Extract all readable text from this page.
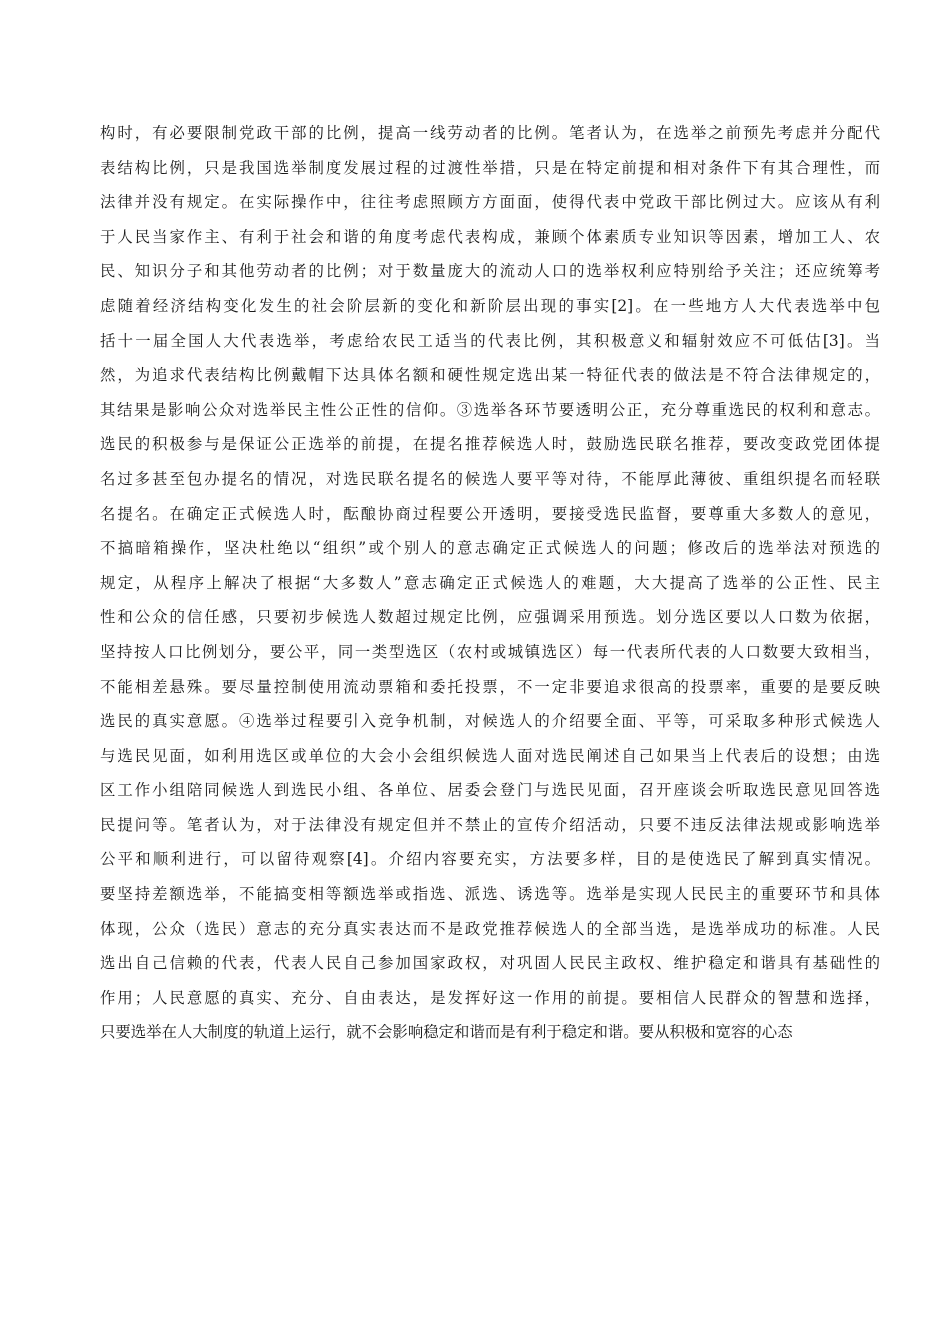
构时，有必要限制党政干部的比例，提高一线劳动者的比例。笔者认为，在选举之前预先考虑并分配代
表结构比例，只是我国选举制度发展过程的过渡性举措，只是在特定前提和相对条件下有其合理性，而
法律并没有规定。在实际操作中，往往考虑照顾方方面面，使得代表中党政干部比例过大。应该从有利
于人民当家作主、有利于社会和谐的角度考虑代表构成，兼顾个体素质专业知识等因素，增加工人、农
民、知识分子和其他劳动者的比例；对于数量庞大的流动人口的选举权利应特别给予关注；还应统筹考
虑随着经济结构变化发生的社会阶层新的变化和新阶层出现的事实[2]。在一些地方人大代表选举中包
括十一届全国人大代表选举，考虑给农民工适当的代表比例，其积极意义和辐射效应不可低估[3]。当
然，为追求代表结构比例戴帽下达具体名额和硬性规定选出某一特征代表的做法是不符合法律规定的，
其结果是影响公众对选举民主性公正性的信仰。③选举各环节要透明公正，充分尊重选民的权利和意志。
选民的积极参与是保证公正选举的前提，在提名推荐候选人时，鼓励选民联名推荐，要改变政党团体提
名过多甚至包办提名的情况，对选民联名提名的候选人要平等对待，不能厚此薄彼、重组织提名而轻联
名提名。在确定正式候选人时，酝酿协商过程要公开透明，要接受选民监督，要尊重大多数人的意见，
不搞暗箱操作，坚决杜绝以“组织”或个别人的意志确定正式候选人的问题；修改后的选举法对预选的
规定，从程序上解决了根据“大多数人”意志确定正式候选人的难题，大大提高了选举的公正性、民主
性和公众的信任感，只要初步候选人数超过规定比例，应强调采用预选。划分选区要以人口数为依据，
坚持按人口比例划分，要公平，同一类型选区（农村或城镇选区）每一代表所代表的人口数要大致相当，
不能相差悬殊。要尽量控制使用流动票箱和委托投票，不一定非要追求很高的投票率，重要的是要反映
选民的真实意愿。④选举过程要引入竞争机制，对候选人的介绍要全面、平等，可采取多种形式候选人
与选民见面，如利用选区或单位的大会小会组织候选人面对选民阐述自己如果当上代表后的设想；由选
区工作小组陪同候选人到选民小组、各单位、居委会登门与选民见面，召开座谈会听取选民意见回答选
民提问等。笔者认为，对于法律没有规定但并不禁止的宣传介绍活动，只要不违反法律法规或影响选举
公平和顺利进行，可以留待观察[4]。介绍内容要充实，方法要多样，目的是使选民了解到真实情况。
要坚持差额选举，不能搞变相等额选举或指选、派选、诱选等。选举是实现人民民主的重要环节和具体
体现，公众（选民）意志的充分真实表达而不是政党推荐候选人的全部当选，是选举成功的标准。人民
选出自己信赖的代表，代表人民自己参加国家政权，对巩固人民民主政权、维护稳定和谐具有基础性的
作用；人民意愿的真实、充分、自由表达，是发挥好这一作用的前提。要相信人民群众的智慧和选择，
只要选举在人大制度的轨道上运行，就不会影响稳定和谐而是有利于稳定和谐。要从积极和宽容的心态
